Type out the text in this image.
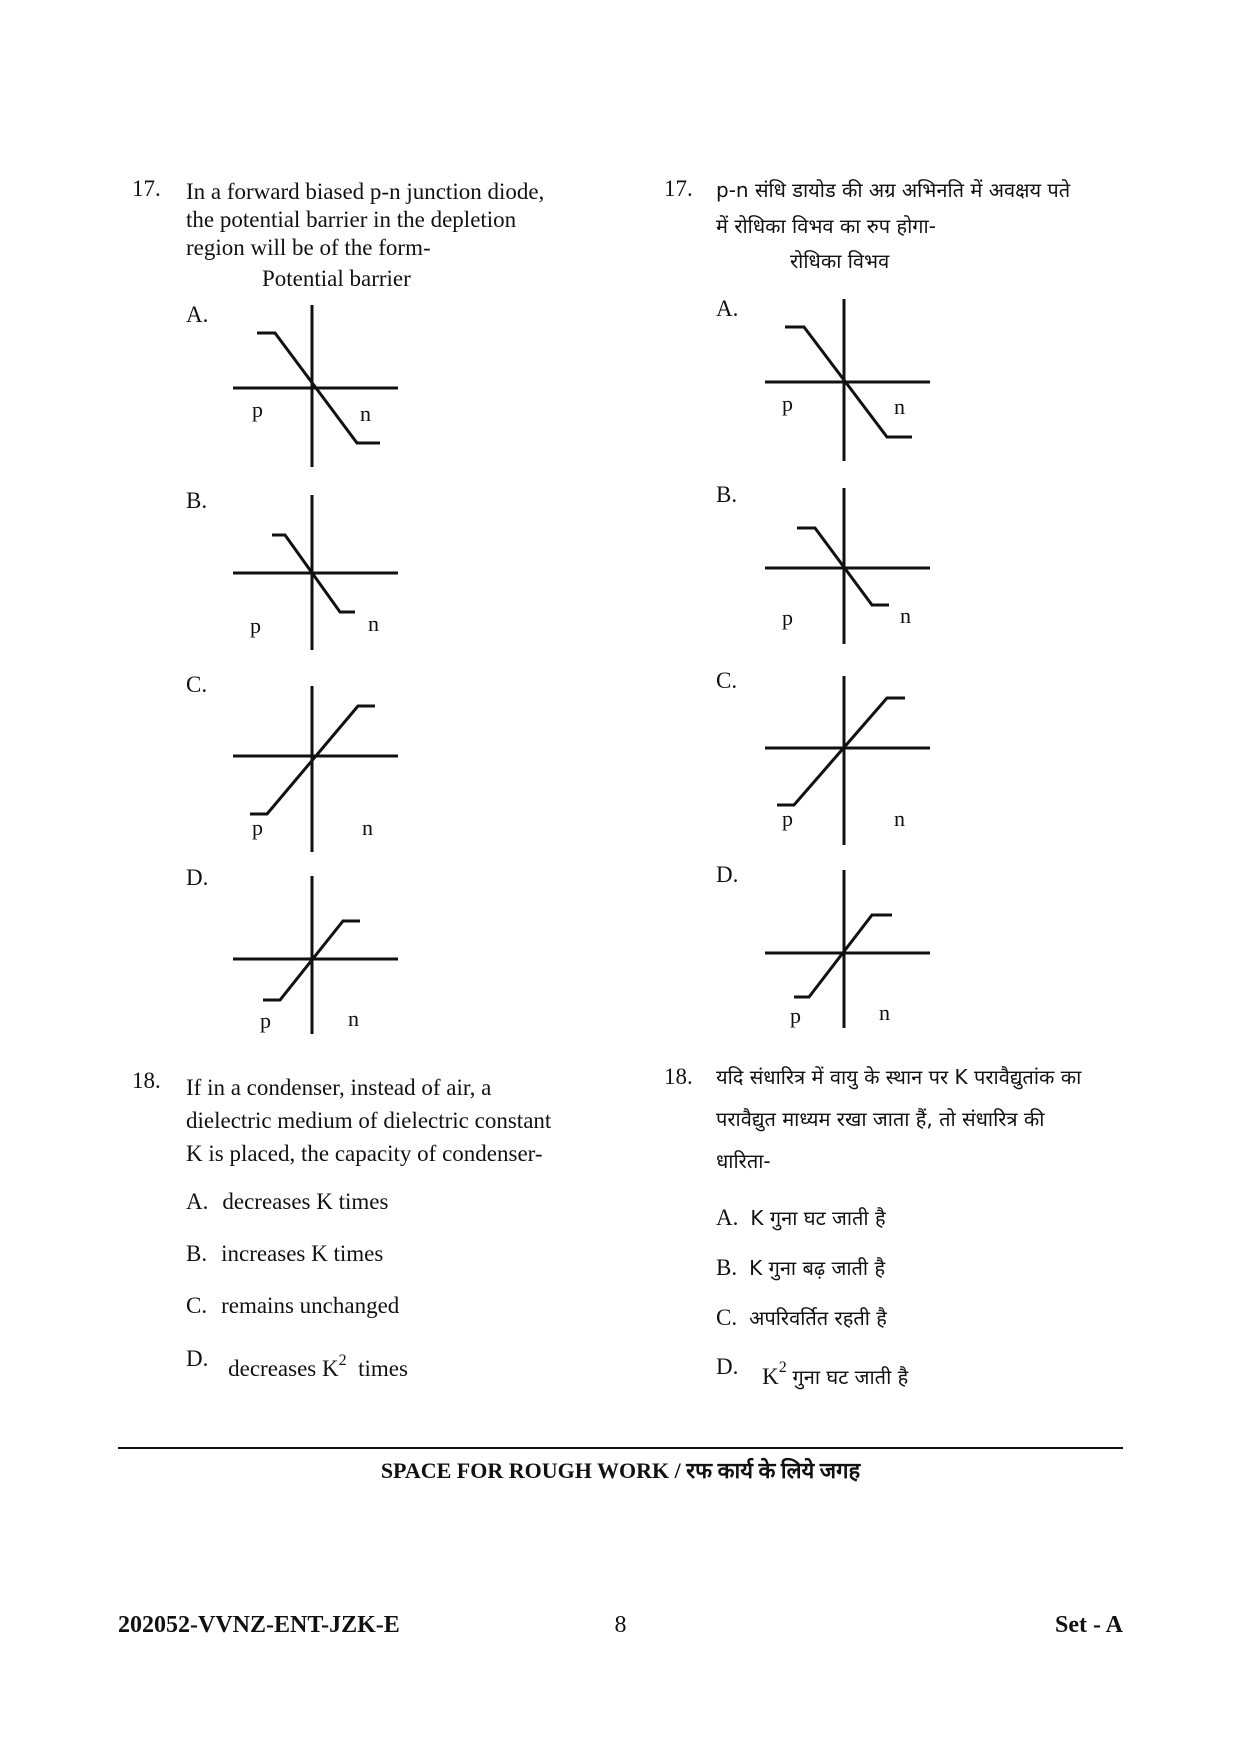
17. In a forward biased p-n junction diode,
the potential barrier in the depletion
region will be of the form-
Potential barrier
A.
B.
C.
D.
p	n
p	n
p	n
p	n
17. p-n संधि डायोड की अग्र अभिनति में अवक्षय पते
में रोधिका विभव का रुप होगा-
रोधिका विभव
A.
B.
C.
D.
p	n
p	n
p	n
p	n
18. If in a condenser, instead of air, a
dielectric medium of dielectric constant
K is placed, the capacity of condenser-
A. decreases K times
B. increases K times
C. remains unchanged
D. decreases $K^2$ times
18. यदि संधारित्र में वायु के स्थान पर K परावैद्युतांक का
परावैद्युत माध्यम रखा जाता हैं, तो संधारित्र की
धारिता-
A. K गुना घट जाती है
B. K गुना बढ़ जाती है
C. अपरिवर्तित रहती है
D. $K^2$ गुना घट जाती है
SPACE FOR ROUGH WORK / रफ कार्य के लिये जगह
202052-VVNZ-ENT-JZK-E	8	Set - A
